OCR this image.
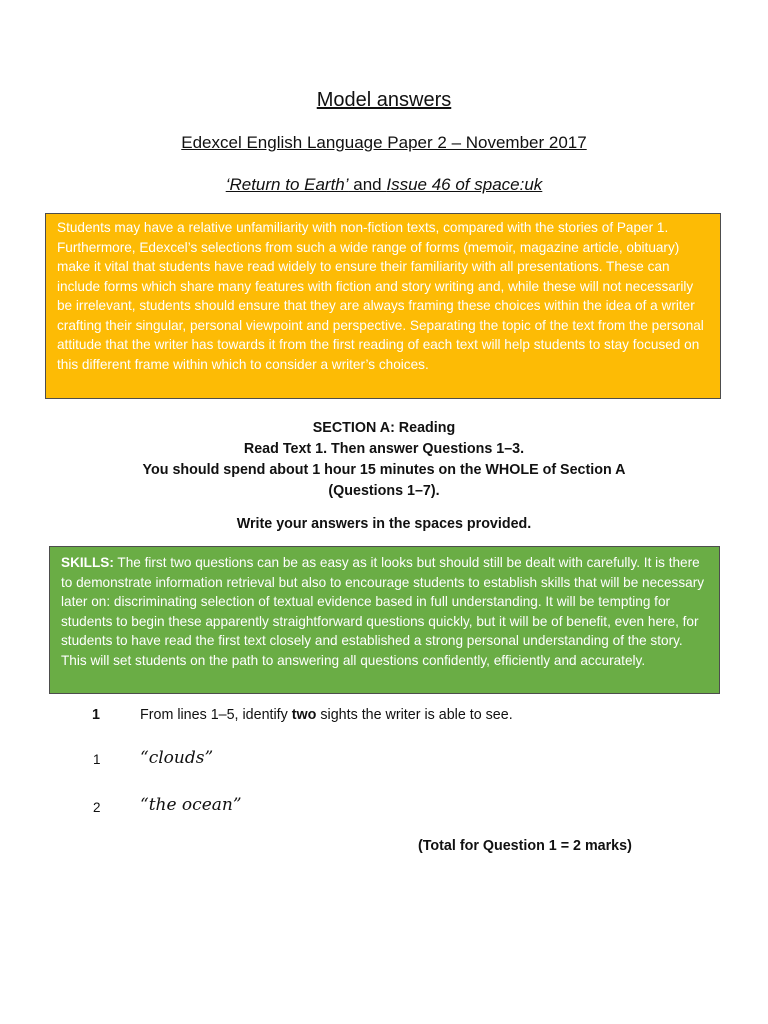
Model answers
Edexcel English Language Paper 2 – November 2017
‘Return to Earth’ and Issue 46 of space:uk
Students may have a relative unfamiliarity with non-fiction texts, compared with the stories of Paper 1. Furthermore, Edexcel’s selections from such a wide range of forms (memoir, magazine article, obituary) make it vital that students have read widely to ensure their familiarity with all presentations. These can include forms which share many features with fiction and story writing and, while these will not necessarily be irrelevant, students should ensure that they are always framing these choices within the idea of a writer crafting their singular, personal viewpoint and perspective. Separating the topic of the text from the personal attitude that the writer has towards it from the first reading of each text will help students to stay focused on this different frame within which to consider a writer’s choices.
SECTION A: Reading
Read Text 1. Then answer Questions 1–3.
You should spend about 1 hour 15 minutes on the WHOLE of Section A
(Questions 1–7).
Write your answers in the spaces provided.
SKILLS: The first two questions can be as easy as it looks but should still be dealt with carefully. It is there to demonstrate information retrieval but also to encourage students to establish skills that will be necessary later on: discriminating selection of textual evidence based in full understanding. It will be tempting for students to begin these apparently straightforward questions quickly, but it will be of benefit, even here, for students to have read the first text closely and established a strong personal understanding of the story. This will set students on the path to answering all questions confidently, efficiently and accurately.
1	From lines 1–5, identify two sights the writer is able to see.
1 “clouds”
2 “the ocean”
(Total for Question 1 = 2 marks)
